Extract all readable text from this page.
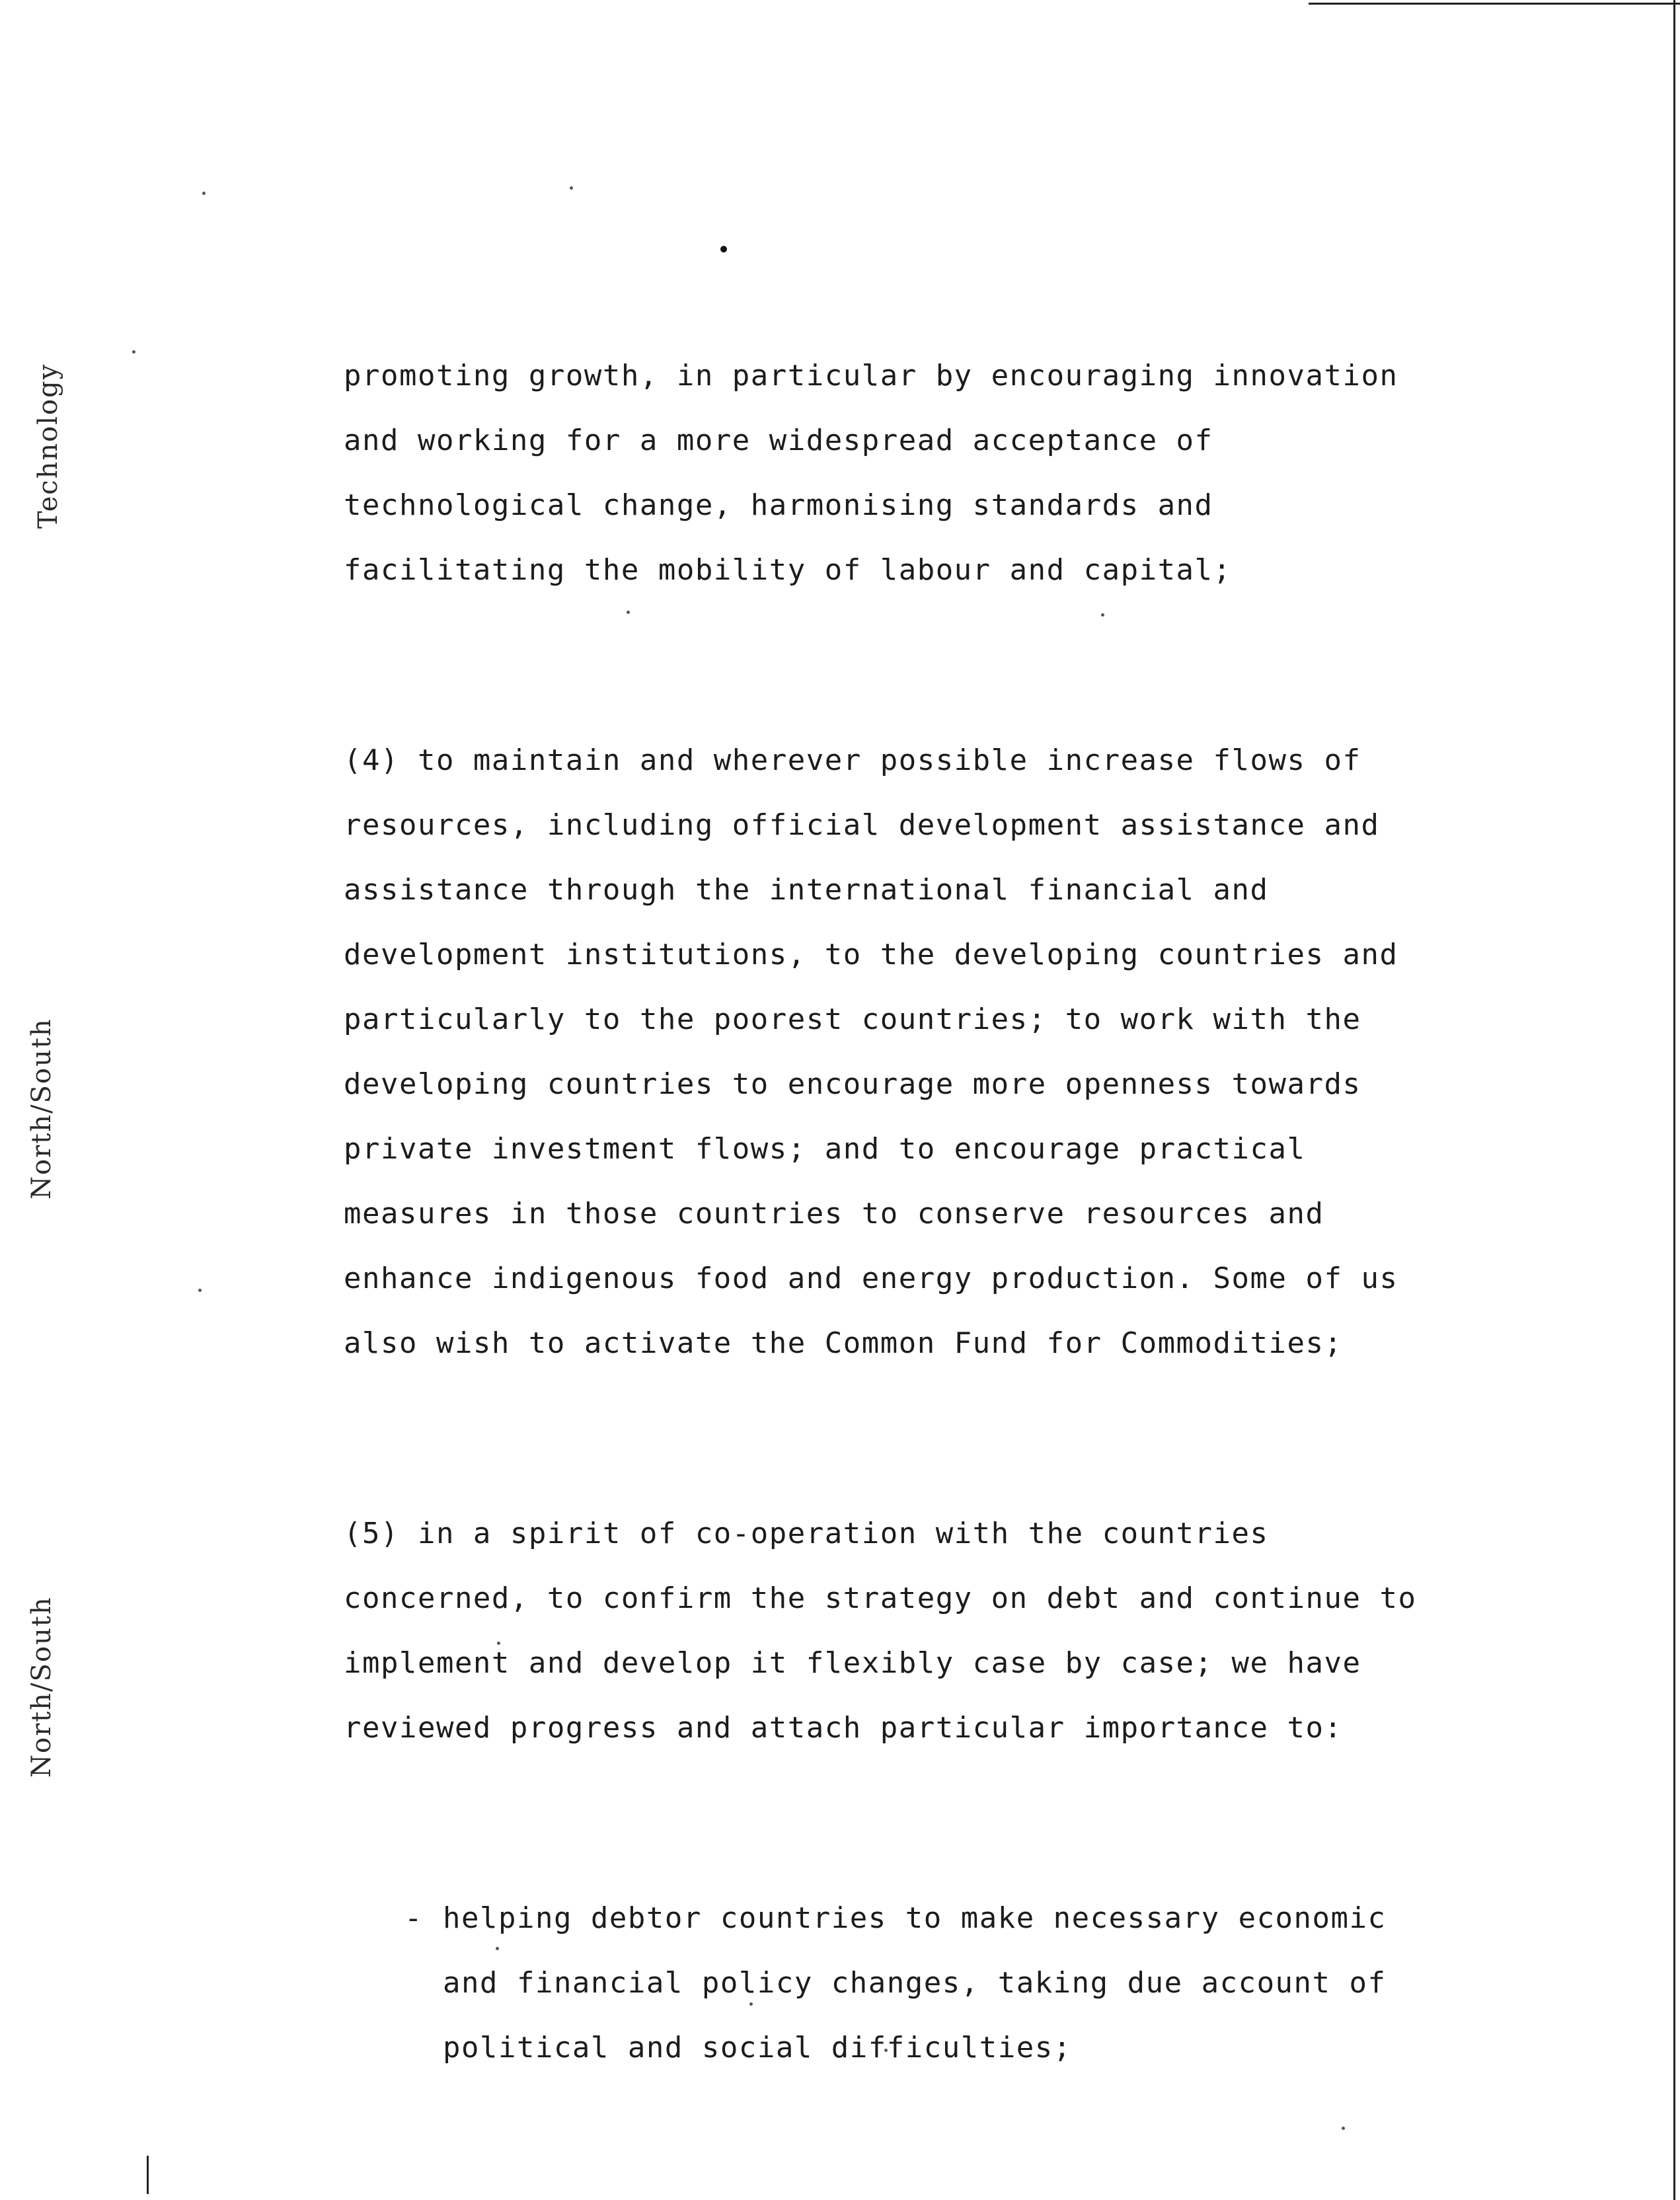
Technology
North/South
North/South
promoting growth, in particular by encouraging innovation
and working for a more widespread acceptance of
technological change, harmonising standards and
facilitating the mobility of labour and capital;
(4) to maintain and wherever possible increase flows of
resources, including official development assistance and
assistance through the international financial and
development institutions, to the developing countries and
particularly to the poorest countries; to work with the
developing countries to encourage more openness towards
private investment flows; and to encourage practical
measures in those countries to conserve resources and
enhance indigenous food and energy production. Some of us
also wish to activate the Common Fund for Commodities;
(5) in a spirit of co-operation with the countries
concerned, to confirm the strategy on debt and continue to
implement and develop it flexibly case by case; we have
reviewed progress and attach particular importance to:
- helping debtor countries to make necessary economic
and financial policy changes, taking due account of
political and social difficulties;
